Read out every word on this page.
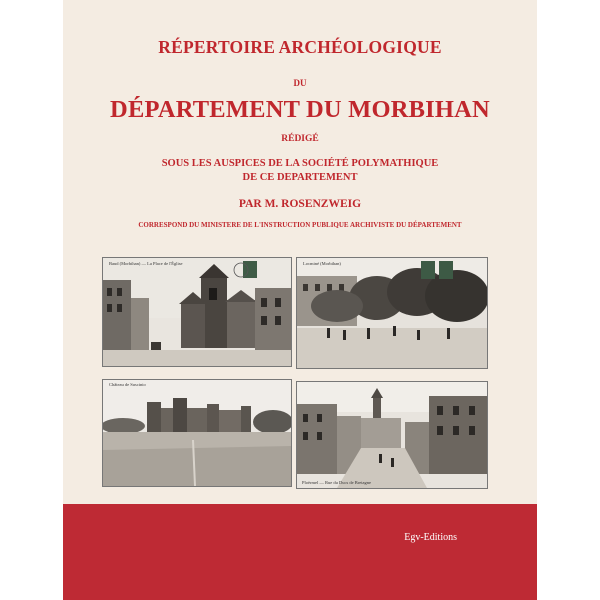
RÉPERTOIRE ARCHÉOLOGIQUE
DU
DÉPARTEMENT DU MORBIHAN
RÉDIGÉ
SOUS LES AUSPICES DE LA SOCIÉTÉ POLYMATHIQUE
DE CE DEPARTEMENT
PAR M. ROSENZWEIG
CORRESPOND DU MINISTERE DE L'INSTRUCTION PUBLIQUE ARCHIVISTE DU DÉPARTEMENT
Baud (Morbihan) — La Place de l'Église	Locminé (Morbihan)
Château de Suscinio
Ploërmel — Rue du Ducs de Bretagne
Egv-Editions
